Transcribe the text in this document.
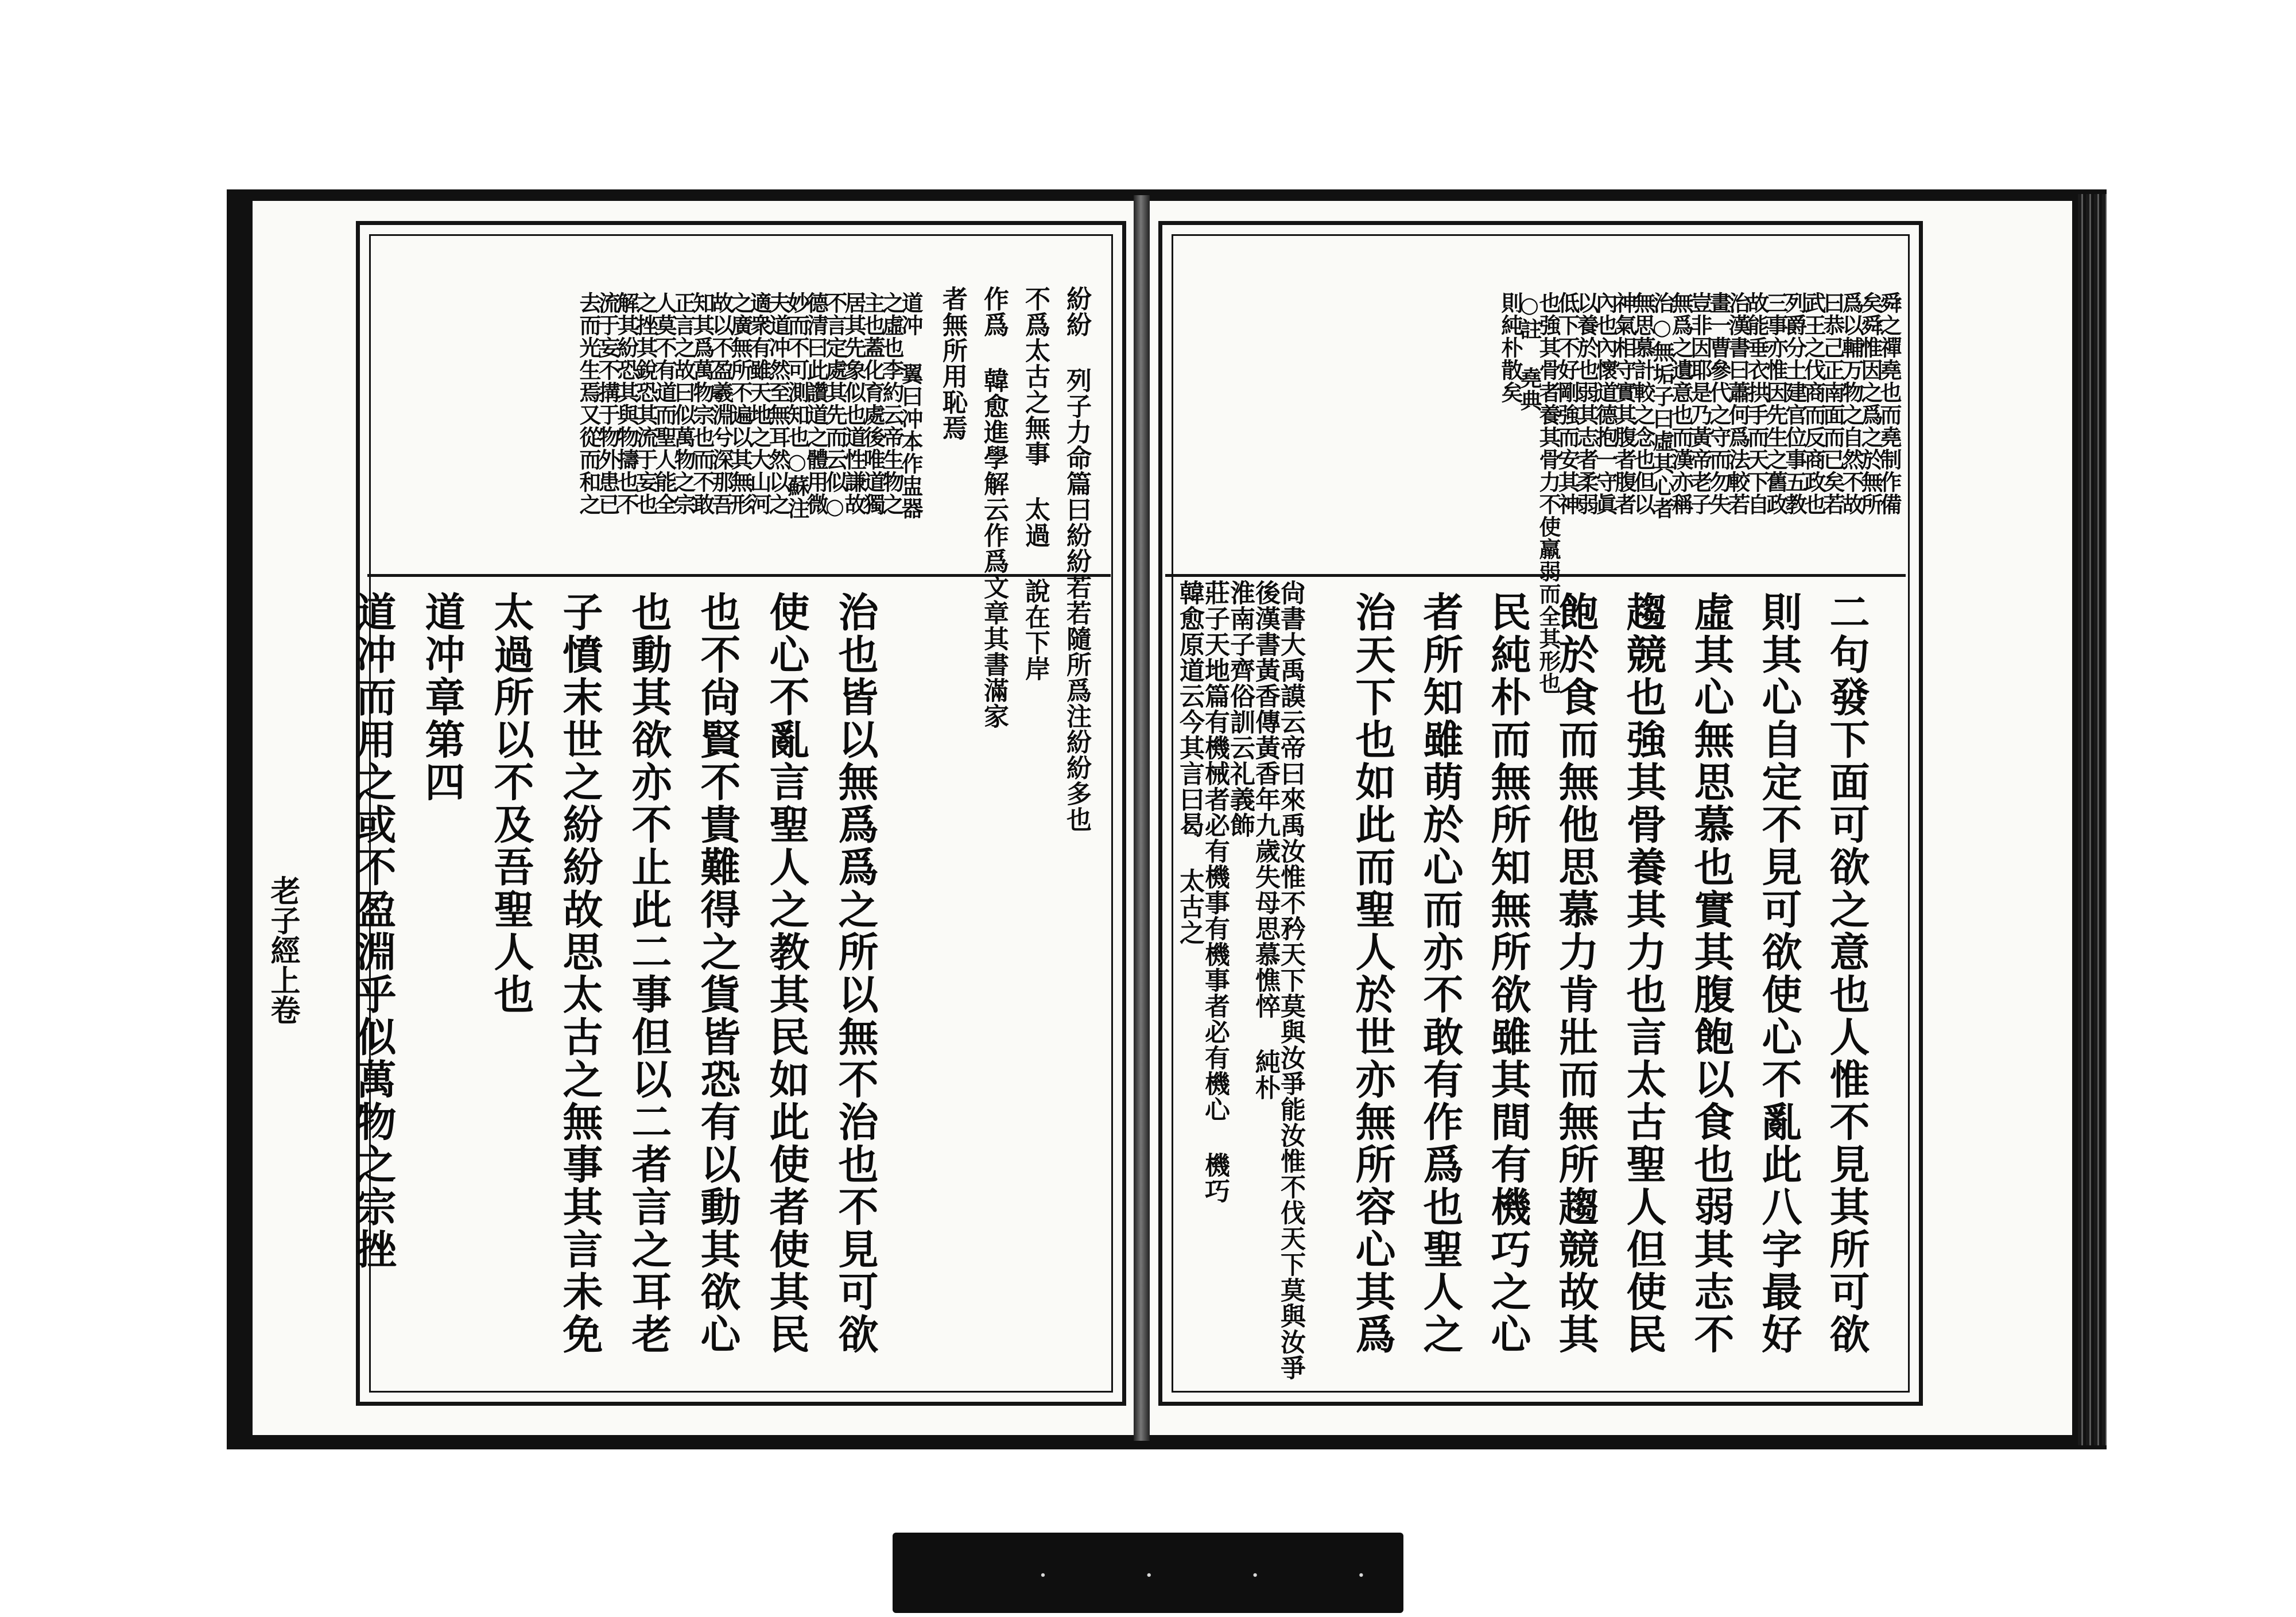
老子經上卷
道冲 翼曰冲本作盅器
之虛也李約云帝生物之
主也蓋化育處後唯道獨
居其先象似也道性謙故
不言定處其先而云似○
德清曰此讚道之體用微
妙而不可測知也○蘇注
夫道冲然至無耳然以之
適衆有雖天地之大山河
之廣無所不遍以其無形
故以不盈羲淵兮深那吾
知其爲萬物宗也而不敢
正言之故曰似萬物之宗
人莫不有道而聖人能全
之挫其銳恐其流于妄也
解其紛恐其與物擣也不
流于妄不搆于物外患已
去而光生焉又從而和之	紛紛 列子力命篇曰紛紛若若隨所爲注紛紛多也
不爲太古之無事 太過 說在下岸
作爲 韓愈進學解云作爲文章其書滿家
者無所用恥焉
治也皆以無爲爲之所以無不治也不見可欲
使心不亂言聖人之教其民如此使者使其民
也不尙賢不貴難得之貨皆恐有以動其欲心
也動其欲亦不止此二事但以二者言之耳老
子憤末世之紛紛故思太古之無事其言未免
太過所以不及吾聖人也
道冲章第四
道冲而用之或不盈淵乎似萬物之宗挫
舜之禪堯也而堯制作備
矣舜惟因之爲之於無所
爲以輔万物之自然不故
曰恭己正南面而已矣若
武王之伐商而反商政也
列爵分土建官位事五教
三事亦惟因先生之舊政
故能垂衣拱手而天下自
治漢書曰蕭何爲法較若
畫一曹參代之守而勿失
豈非因耶是乃黃帝老子
無爲之遺意也而漢亦稱
治○無垢子曰虛其心者
無思慕計較之念也但以
神氣相守實其腹者腹者
內也內懷道德抱一守眞
以養於也弱其志者柔弱
低下不好剛強而安其神
也強其骨者養其骨力不使羸弱而全其形也
○註 堯典
則純朴散矣
尙書大禹謨云帝曰來禹汝惟不矜天下莫與汝爭能汝惟不伐天下莫與汝爭
後漢書黃香傳黃香年九歲失母思慕憔悴 純朴
淮南子齊俗訓云礼義飾
莊子天地篇有機械者必有機事有機事者必有機心 機巧
韓愈原道云今其言曰曷 太古之	二句發下面可欲之意也人惟不見其所可欲
則其心自定不見可欲使心不亂此八字最好
虛其心無思慕也實其腹飽以食也弱其志不
趨競也強其骨養其力也言太古聖人但使民
飽於食而無他思慕力肯壯而無所趨競故其
民純朴而無所知無所欲雖其間有機巧之心
者所知雖萌於心而亦不敢有作爲也聖人之
治天下也如此而聖人於世亦無所容心其爲
・ ・ ・ ・
